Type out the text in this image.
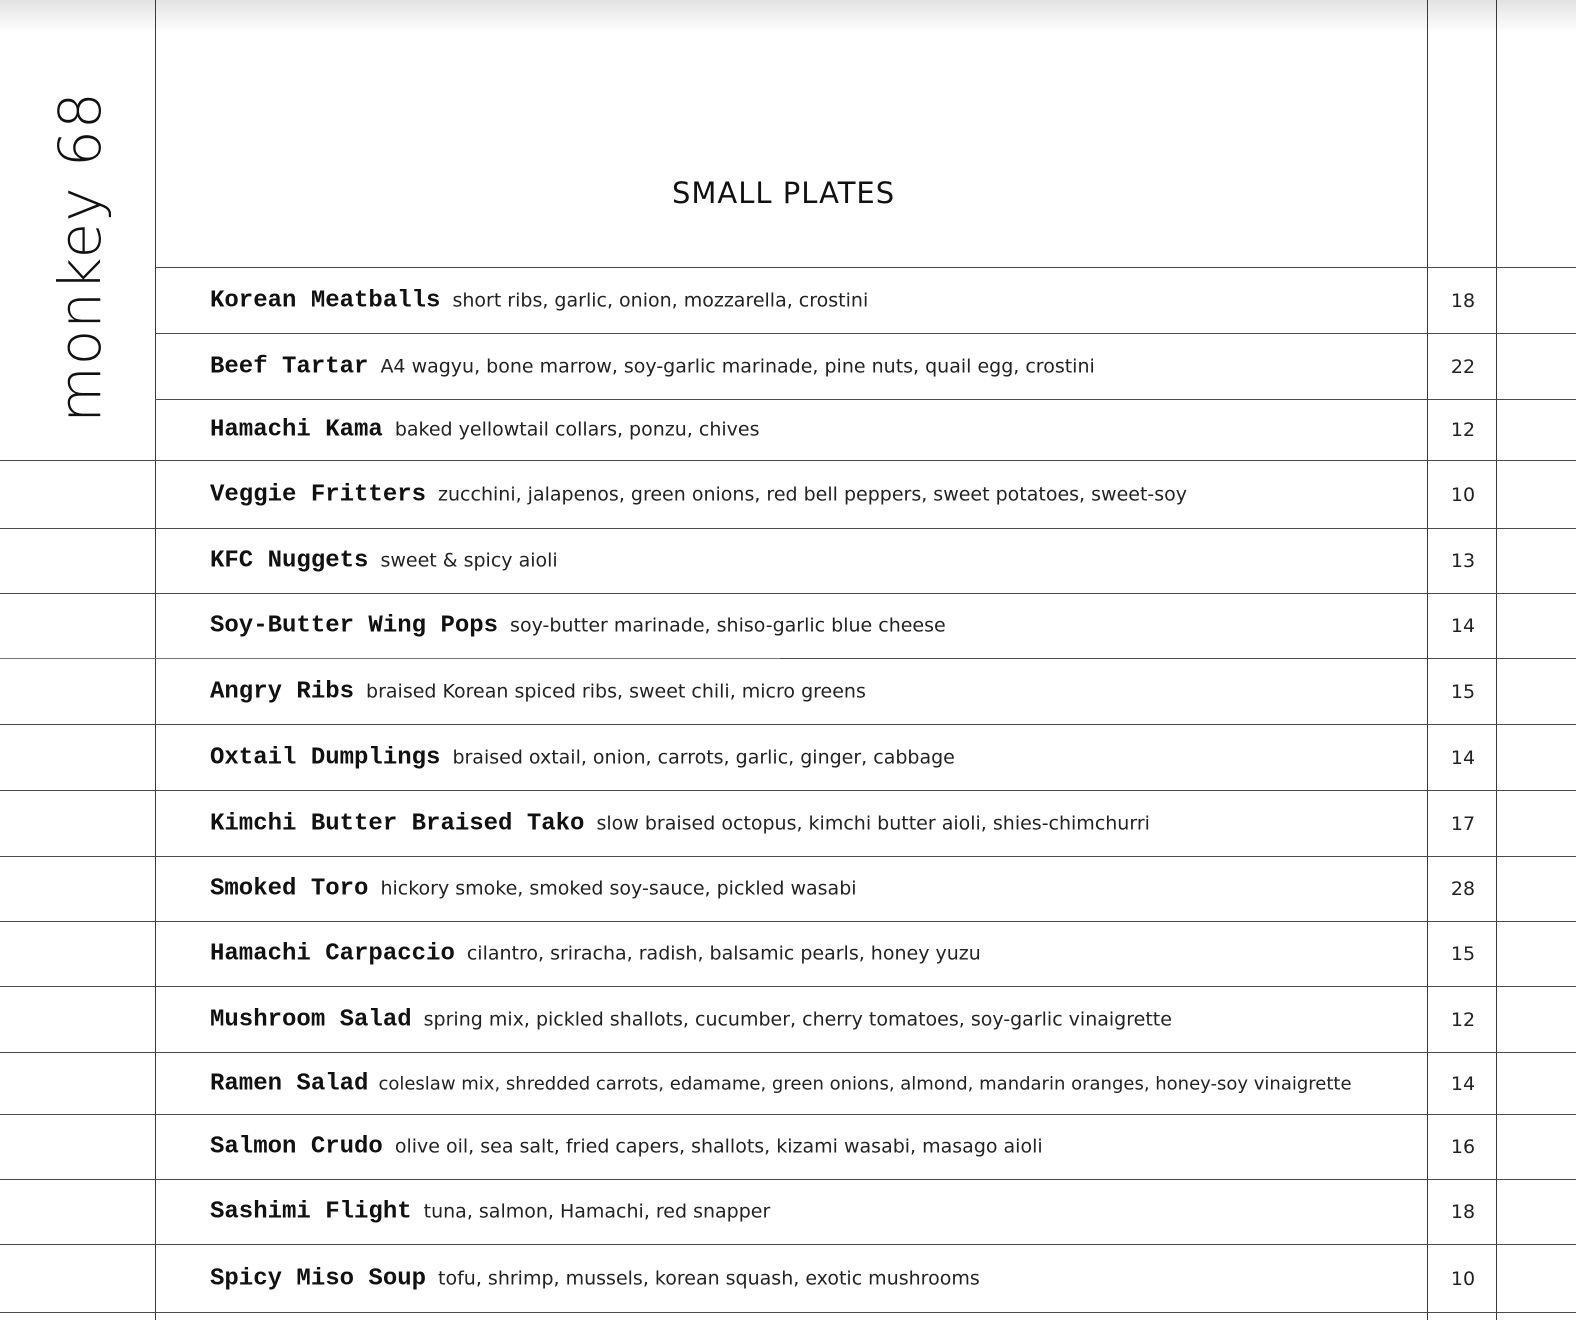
monkey 68	SMALL PLATES
Korean Meatballs short ribs, garlic, onion, mozzarella, crostini	18
Beef Tartar A4 wagyu, bone marrow, soy-garlic marinade, pine nuts, quail egg, crostini	22
Hamachi Kama baked yellowtail collars, ponzu, chives	12
Veggie Fritters zucchini, jalapenos, green onions, red bell peppers, sweet potatoes, sweet-soy	10
KFC Nuggets sweet & spicy aioli	13
Soy-Butter Wing Pops soy-butter marinade, shiso-garlic blue cheese	14
Angry Ribs braised Korean spiced ribs, sweet chili, micro greens	15
Oxtail Dumplings braised oxtail, onion, carrots, garlic, ginger, cabbage	14
Kimchi Butter Braised Tako slow braised octopus, kimchi butter aioli, shies-chimchurri	17
Smoked Toro hickory smoke, smoked soy-sauce, pickled wasabi	28
Hamachi Carpaccio cilantro, sriracha, radish, balsamic pearls, honey yuzu	15
Mushroom Salad spring mix, pickled shallots, cucumber, cherry tomatoes, soy-garlic vinaigrette	12
Ramen Salad coleslaw mix, shredded carrots, edamame, green onions, almond, mandarin oranges, honey-soy vinaigrette	14
Salmon Crudo olive oil, sea salt, fried capers, shallots, kizami wasabi, masago aioli	16
Sashimi Flight tuna, salmon, Hamachi, red snapper	18
Spicy Miso Soup tofu, shrimp, mussels, korean squash, exotic mushrooms	10
